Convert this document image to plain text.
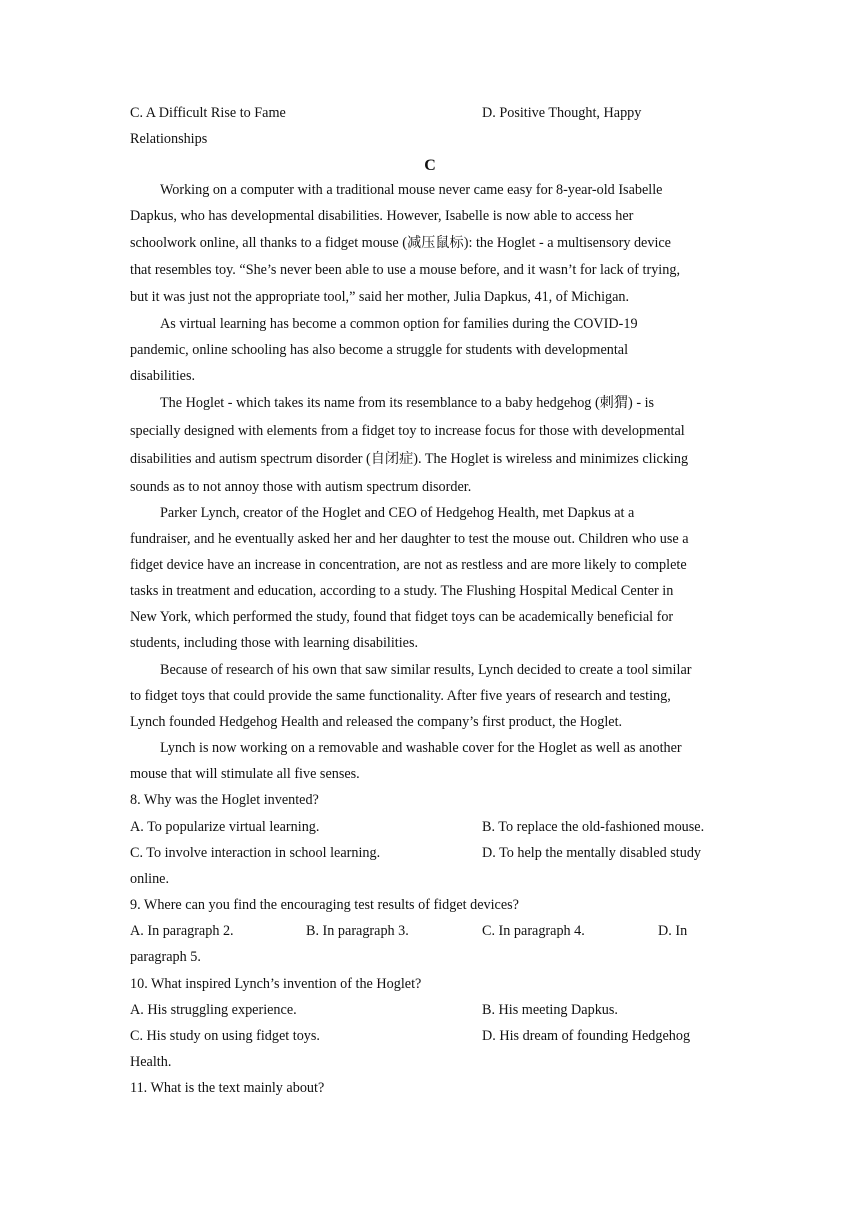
C. A Difficult Rise to Fame	D. Positive Thought, Happy
Relationships
C
Working on a computer with a traditional mouse never came easy for 8-year-old Isabelle
Dapkus, who has developmental disabilities. However, Isabelle is now able to access her
schoolwork online, all thanks to a fidget mouse (减压鼠标): the Hoglet - a multisensory device
that resembles toy. “She’s never been able to use a mouse before, and it wasn’t for lack of trying,
but it was just not the appropriate tool,” said her mother, Julia Dapkus, 41, of Michigan.
As virtual learning has become a common option for families during the COVID-19
pandemic, online schooling has also become a struggle for students with developmental
disabilities.
The Hoglet - which takes its name from its resemblance to a baby hedgehog (刺猬) - is
specially designed with elements from a fidget toy to increase focus for those with developmental
disabilities and autism spectrum disorder (自闭症). The Hoglet is wireless and minimizes clicking
sounds as to not annoy those with autism spectrum disorder.
Parker Lynch, creator of the Hoglet and CEO of Hedgehog Health, met Dapkus at a
fundraiser, and he eventually asked her and her daughter to test the mouse out. Children who use a
fidget device have an increase in concentration, are not as restless and are more likely to complete
tasks in treatment and education, according to a study. The Flushing Hospital Medical Center in
New York, which performed the study, found that fidget toys can be academically beneficial for
students, including those with learning disabilities.
Because of research of his own that saw similar results, Lynch decided to create a tool similar
to fidget toys that could provide the same functionality. After five years of research and testing,
Lynch founded Hedgehog Health and released the company’s first product, the Hoglet.
Lynch is now working on a removable and washable cover for the Hoglet as well as another
mouse that will stimulate all five senses.
8. Why was the Hoglet invented?
A. To popularize virtual learning.	B. To replace the old-fashioned mouse.
C. To involve interaction in school learning.	D. To help the mentally disabled study
online.
9. Where can you find the encouraging test results of fidget devices?
A. In paragraph 2.	B. In paragraph 3.	C. In paragraph 4.	D. In
paragraph 5.
10. What inspired Lynch’s invention of the Hoglet?
A. His struggling experience.	B. His meeting Dapkus.
C. His study on using fidget toys.	D. His dream of founding Hedgehog
Health.
11. What is the text mainly about?
